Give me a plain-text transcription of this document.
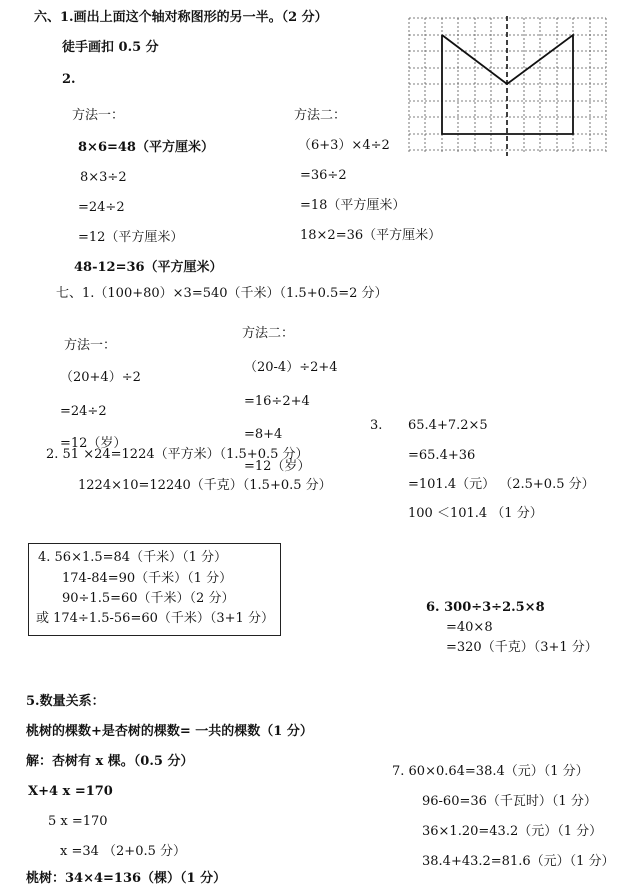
六、1.画出上面这个轴对称图形的另一半。（2 分）
徒手画扣 0.5 分
2.
方法一：
8×6=48（平方厘米）
8×3÷2
=24÷2
=12（平方厘米）
48-12=36（平方厘米）
方法二：
（6+3）×4÷2
=36÷2
=18（平方厘米）
18×2=36（平方厘米）
七、1.（100+80）×3=540（千米）（1.5+0.5=2 分）
方法一：
（20+4）÷2
=24÷2
=12（岁）
方法二：
（20-4）÷2+4
=16÷2+4
=8+4
=12（岁）
2. 51 ×24=1224（平方米）（1.5+0.5 分）
1224×10=12240（千克）（1.5+0.5 分）
3. 65.4+7.2×5
=65.4+36
=101.4（元） （2.5+0.5 分）
100 ＜101.4 （1 分）
4. 56×1.5=84（千米）（1 分）
174-84=90（千米）（1 分）
90÷1.5=60（千米）（2 分）
或 174÷1.5-56=60（千米）（3+1 分）
6. 300÷3÷2.5×8
=40×8
=320（千克）（3+1 分）
5.数量关系：
桃树的棵数+是杏树的棵数= 一共的棵数（1 分）
解：杏树有 x 棵。（0.5 分）
X+4 x =170
5 x =170
x =34 （2+0.5 分）
桃树：34×4=136（棵）（1 分）
7. 60×0.64=38.4（元）（1 分）
96-60=36（千瓦时）（1 分）
36×1.20=43.2（元）（1 分）
38.4+43.2=81.6（元）（1 分）
